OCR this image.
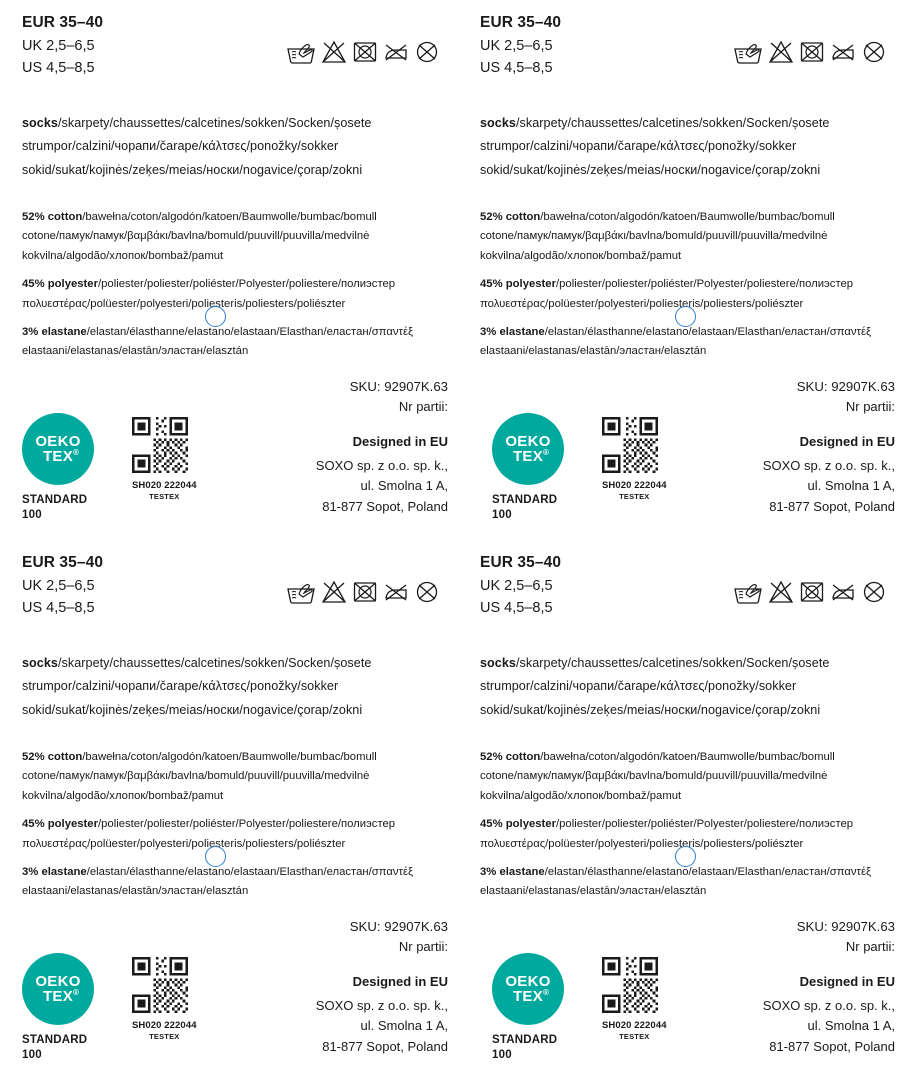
EUR 35–40
UK 2,5–6,5
US 4,5–8,5
socks/skarpety/chaussettes/calcetines/sokken/Socken/șosete
strumpor/calzini/чорапи/čarape/κάλτσες/ponožky/sokker
sokid/sukat/kojinės/zeķes/meias/носки/nogavice/çorap/zokni
52% cotton/bawełna/coton/algodón/katoen/Baumwolle/bumbac/bomull
cotone/памук/памук/βαμβάκι/bavlna/bomuld/puuvill/puuvilla/medvilnė
kokvilna/algodão/хлопок/bombaž/pamut
45% polyester/poliester/poliester/poliéster/Polyester/poliestere/полиэстер
πολυεστέρας/polüester/polyesteri/poliesteris/poliesters/poliészter
3% elastane/elastan/élasthanne/elastano/elastaan/Elasthan/еластан/σπαντέξ
elastaani/elastanas/elastān/эластан/elasztán
OEKO
TEX ®
STANDARD
100
SH020 222044
TESTEX
SKU: 92907K.63
Nr partii:
Designed in EU
SOXO sp. z o.o. sp. k.,
ul. Smolna 1 A,
81-877 Sopot, Poland
EUR 35–40
UK 2,5–6,5
US 4,5–8,5
socks/skarpety/chaussettes/calcetines/sokken/Socken/șosete
strumpor/calzini/чорапи/čarape/κάλτσες/ponožky/sokker
sokid/sukat/kojinės/zeķes/meias/носки/nogavice/çorap/zokni
52% cotton/bawełna/coton/algodón/katoen/Baumwolle/bumbac/bomull
cotone/памук/памук/βαμβάκι/bavlna/bomuld/puuvill/puuvilla/medvilnė
kokvilna/algodão/хлопок/bombaž/pamut
45% polyester/poliester/poliester/poliéster/Polyester/poliestere/полиэстер
πολυεστέρας/polüester/polyesteri/poliesteris/poliesters/poliészter
3% elastane/elastan/élasthanne/elastano/elastaan/Elasthan/еластан/σπαντέξ
elastaani/elastanas/elastān/эластан/elasztán
OEKO
TEX ®
STANDARD
100
SH020 222044
TESTEX
SKU: 92907K.63
Nr partii:
Designed in EU
SOXO sp. z o.o. sp. k.,
ul. Smolna 1 A,
81-877 Sopot, Poland
EUR 35–40
UK 2,5–6,5
US 4,5–8,5
socks/skarpety/chaussettes/calcetines/sokken/Socken/șosete
strumpor/calzini/чорапи/čarape/κάλτσες/ponožky/sokker
sokid/sukat/kojinės/zeķes/meias/носки/nogavice/çorap/zokni
52% cotton/bawełna/coton/algodón/katoen/Baumwolle/bumbac/bomull
cotone/памук/памук/βαμβάκι/bavlna/bomuld/puuvill/puuvilla/medvilnė
kokvilna/algodão/хлопок/bombaž/pamut
45% polyester/poliester/poliester/poliéster/Polyester/poliestere/полиэстер
πολυεστέρας/polüester/polyesteri/poliesteris/poliesters/poliészter
3% elastane/elastan/élasthanne/elastano/elastaan/Elasthan/еластан/σπαντέξ
elastaani/elastanas/elastān/эластан/elasztán
OEKO
TEX ®
STANDARD
100
SH020 222044
TESTEX
SKU: 92907K.63
Nr partii:
Designed in EU
SOXO sp. z o.o. sp. k.,
ul. Smolna 1 A,
81-877 Sopot, Poland
EUR 35–40
UK 2,5–6,5
US 4,5–8,5
socks/skarpety/chaussettes/calcetines/sokken/Socken/șosete
strumpor/calzini/чорапи/čarape/κάλτσες/ponožky/sokker
sokid/sukat/kojinės/zeķes/meias/носки/nogavice/çorap/zokni
52% cotton/bawełna/coton/algodón/katoen/Baumwolle/bumbac/bomull
cotone/памук/памук/βαμβάκι/bavlna/bomuld/puuvill/puuvilla/medvilnė
kokvilna/algodão/хлопок/bombaž/pamut
45% polyester/poliester/poliester/poliéster/Polyester/poliestere/полиэстер
πολυεστέρας/polüester/polyesteri/poliesteris/poliesters/poliészter
3% elastane/elastan/élasthanne/elastano/elastaan/Elasthan/еластан/σπαντέξ
elastaani/elastanas/elastān/эластан/elasztán
OEKO
TEX ®
STANDARD
100
SH020 222044
TESTEX
SKU: 92907K.63
Nr partii:
Designed in EU
SOXO sp. z o.o. sp. k.,
ul. Smolna 1 A,
81-877 Sopot, Poland
